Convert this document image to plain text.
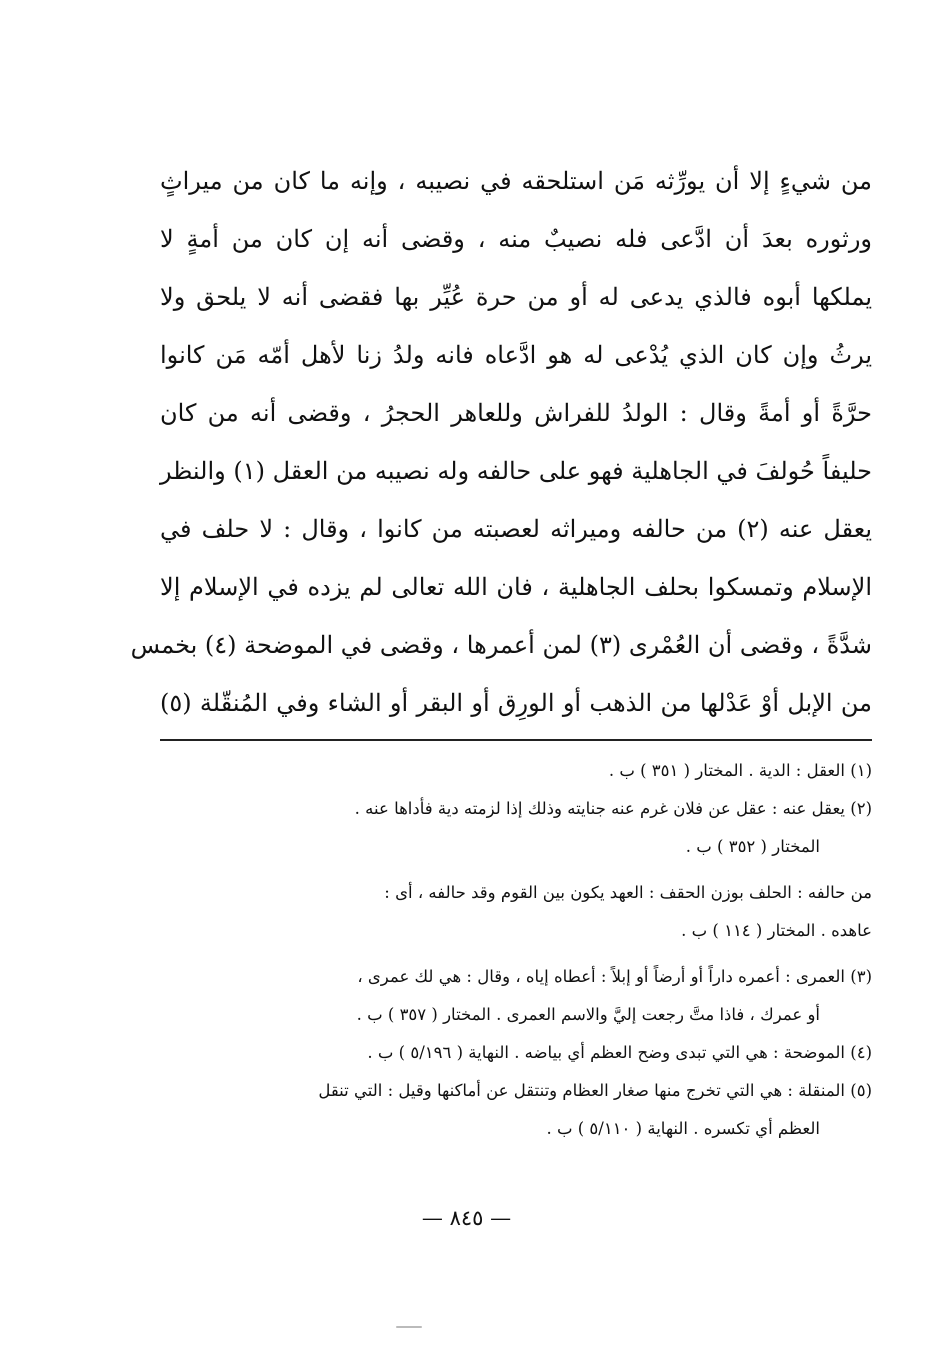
من شيءٍ إلا أن يورِّثه مَن استلحقه في نصيبه ، وإنه ما كان من ميراثٍ
ورثوره بعدَ أن ادَّعى فله نصيبٌ منه ، وقضى أنه إن كان من أمةٍ لا
يملكها أبوه فالذي يدعى له أو من حرة عُيِّر بها فقضى أنه لا يلحق ولا
يرثُ وإن كان الذي يُدْعى له هو ادَّعاه فانه ولدُ زنا لأهل أمّه مَن كانوا
حرَّةً أو أمةً وقال : الولدُ للفراش وللعاهر الحجرُ ، وقضى أنه من كان
حليفاً حُولفَ في الجاهلية فهو على حالفه وله نصيبه من العقل (١) والنظر
يعقل عنه (٢) من حالفه وميراثه لعصبته من كانوا ، وقال : لا حلف في
الإسلام وتمسكوا بحلف الجاهلية ، فان الله تعالى لم يزده في الإسلام إلا
شدَّةً ، وقضى أن العُمْرى (٣) لمن أعمرها ، وقضى في الموضحة (٤) بخمس
من الإبل أوْ عَدْلها من الذهب أو الورِق أو البقر أو الشاء وفي المُنقّلة (٥)
(١) العقل : الدية . المختار ( ٣٥١ ) ب .
(٢) يعقل عنه : عقل عن فلان غرم عنه جنايته وذلك إذا لزمته دية فأداها عنه .
المختار ( ٣٥٢ ) ب .
من حالفه : الحلف بوزن الحقف : العهد يكون بين القوم وقد حالفه ، أى :
عاهده . المختار ( ١١٤ ) ب .
(٣) العمرى : أعمره داراً أو أرضاً أو إبلاً : أعطاه إياه ، وقال : هي لك عمرى ،
أو عمرك ، فاذا متَّ رجعت إليَّ والاسم العمرى . المختار ( ٣٥٧ ) ب .
(٤) الموضحة : هي التي تبدى وضح العظم أي بياضه . النهاية ( ٥/١٩٦ ) ب .
(٥) المنقلة : هي التي تخرج منها صغار العظام وتنتقل عن أماكنها وقيل : التي تنقل
العظم أي تكسره . النهاية ( ٥/١١٠ ) ب .
— ٨٤٥ —
